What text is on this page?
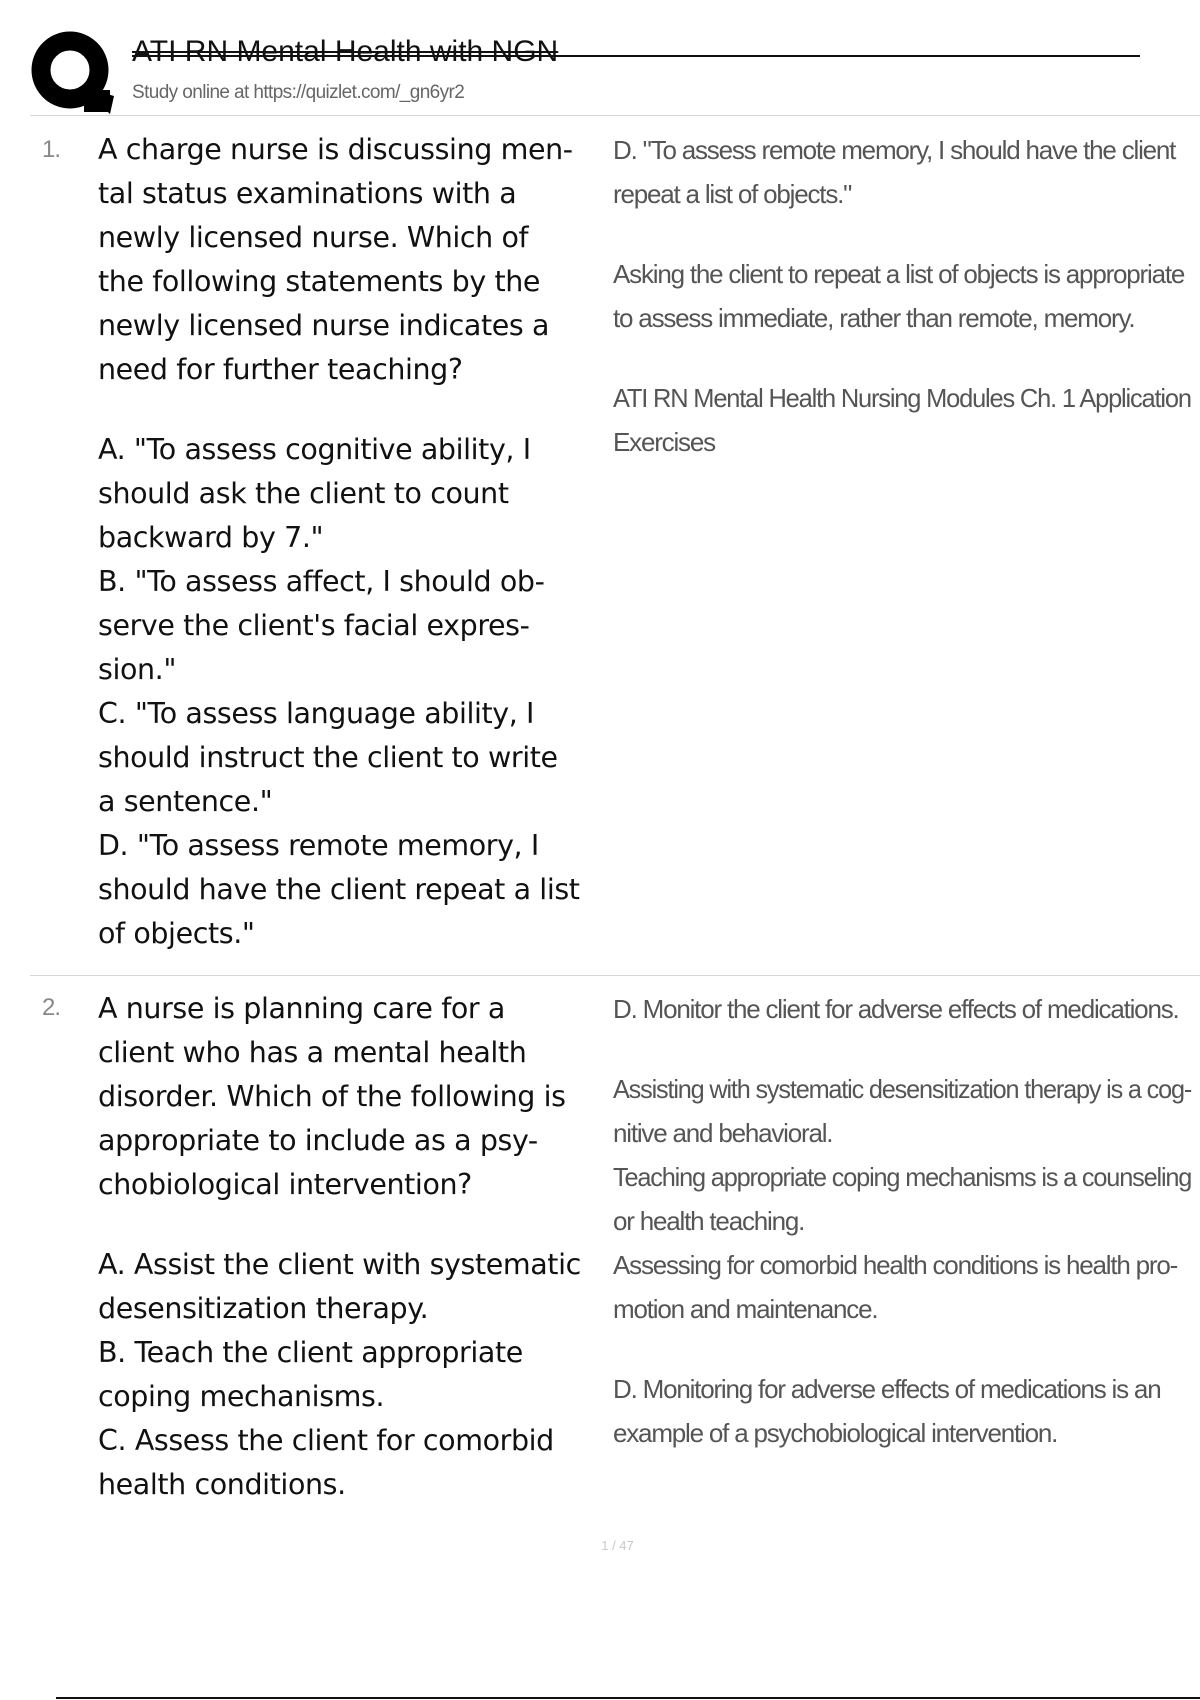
ATI RN Mental Health with NGN
Study online at https://quizlet.com/_gn6yr2
1. A charge nurse is discussing men-

tal status examinations with a

newly licensed nurse. Which of

the following statements by the

newly licensed nurse indicates a

need for further teaching?

A. "To assess cognitive ability, I

should ask the client to count

backward by 7."

B. "To assess affect, I should ob-

serve the client's facial expres-

sion."

C. "To assess language ability, I

should instruct the client to write

a sentence."

D. "To assess remote memory, I

should have the client repeat a list

of objects."

D. "To assess remote memory, I should have the client

repeat a list of objects."

Asking the client to repeat a list of objects is appropriate

to assess immediate, rather than remote, memory.

ATI RN Mental Health Nursing Modules Ch. 1 Application

Exercises

2. A nurse is planning care for a

client who has a mental health

disorder. Which of the following is

appropriate to include as a psy-

chobiological intervention?

A. Assist the client with systematic

desensitization therapy.

B. Teach the client appropriate

coping mechanisms.

C. Assess the client for comorbid

health conditions.

D. Monitor the client for adverse effects of medications.

Assisting with systematic desensitization therapy is a cog-

nitive and behavioral.

Teaching appropriate coping mechanisms is a counseling

or health teaching.

Assessing for comorbid health conditions is health pro-

motion and maintenance.

D. Monitoring for adverse effects of medications is an

example of a psychobiological intervention.

1 / 47
